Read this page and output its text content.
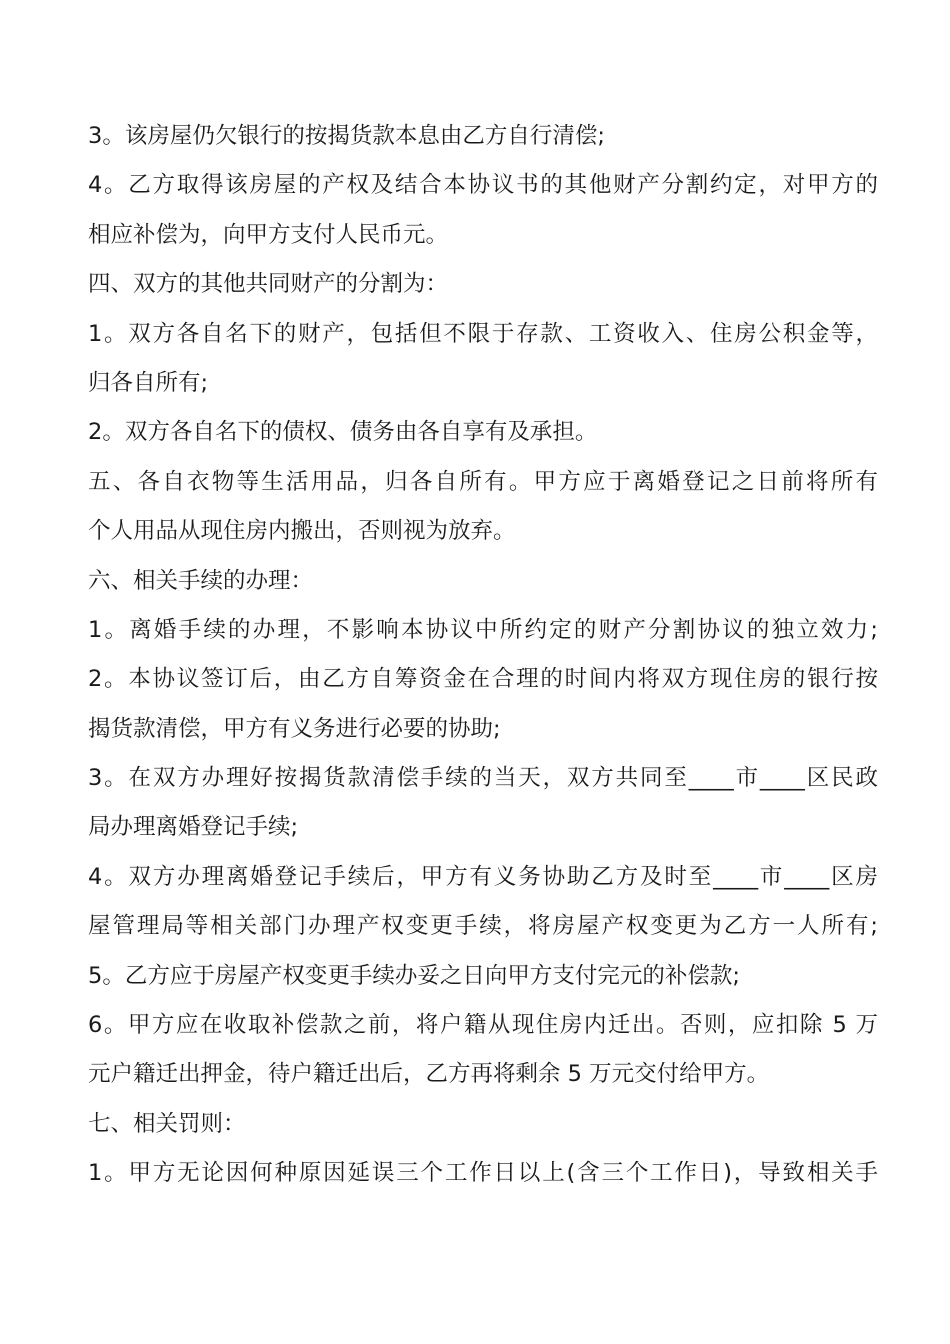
3。该房屋仍欠银行的按揭货款本息由乙方自行清偿;
4。乙方取得该房屋的产权及结合本协议书的其他财产分割约定，对甲方的
相应补偿为，向甲方支付人民币元。
四、双方的其他共同财产的分割为：
1。双方各自名下的财产，包括但不限于存款、工资收入、住房公积金等，
归各自所有;
2。双方各自名下的债权、债务由各自享有及承担。
五、各自衣物等生活用品，归各自所有。甲方应于离婚登记之日前将所有
个人用品从现住房内搬出，否则视为放弃。
六、相关手续的办理：
1。离婚手续的办理，不影响本协议中所约定的财产分割协议的独立效力;
2。本协议签订后，由乙方自筹资金在合理的时间内将双方现住房的银行按
揭货款清偿，甲方有义务进行必要的协助;
3。在双方办理好按揭货款清偿手续的当天，双方共同至____市____区民政
局办理离婚登记手续;
4。双方办理离婚登记手续后，甲方有义务协助乙方及时至____市____区房
屋管理局等相关部门办理产权变更手续，将房屋产权变更为乙方一人所有;
5。乙方应于房屋产权变更手续办妥之日向甲方支付完元的补偿款;
6。甲方应在收取补偿款之前，将户籍从现住房内迁出。否则，应扣除 5 万
元户籍迁出押金，待户籍迁出后，乙方再将剩余 5 万元交付给甲方。
七、相关罚则：
1。甲方无论因何种原因延误三个工作日以上(含三个工作日)，导致相关手
